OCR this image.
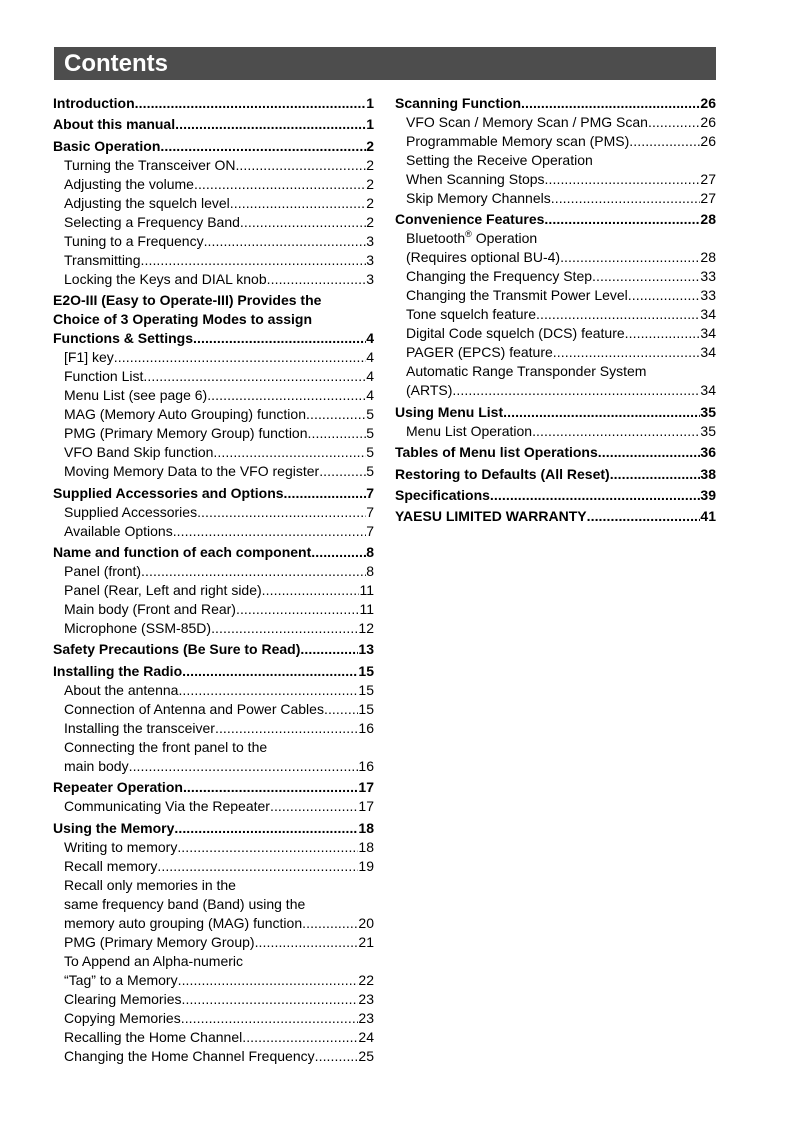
Contents
Introduction . . .	1
About this manual . . .	1
Basic Operation . . .	2
Turning the Transceiver ON . . .	2
Adjusting the volume . . .	2
Adjusting the squelch level . . .	2
Selecting a Frequency Band . . .	2
Tuning to a Frequency . . .	3
Transmitting . . .	3
Locking the Keys and DIAL knob . . .	3
E2O-III (Easy to Operate-III) Provides the
Choice of 3 Operating Modes to assign
Functions & Settings . . .	4
[F1] key . . .	4
Function List . . .	4
Menu List (see page 6) . . .	4
MAG (Memory Auto Grouping) function . . .	5
PMG (Primary Memory Group) function . . .	5
VFO Band Skip function . . .	5
Moving Memory Data to the VFO register . . .	5
Supplied Accessories and Options . . .	7
Supplied Accessories . . .	7
Available Options . . .	7
Name and function of each component . . .	8
Panel (front) . . .	8
Panel (Rear, Left and right side) . . .	11
Main body (Front and Rear) . . .	11
Microphone (SSM-85D) . . .	12
Safety Precautions (Be Sure to Read) . . .	13
Installing the Radio . . .	15
About the antenna . . .	15
Connection of Antenna and Power Cables . . . 15
Installing the transceiver . . .	16
Connecting the front panel to the
main body . . .	16
Repeater Operation . . .	17
Communicating Via the Repeater . . .	17
Using the Memory . . .	18
Writing to memory . . .	18
Recall memory . . .	19
Recall only memories in the
same frequency band (Band) using the
memory auto grouping (MAG) function . . .	20
PMG (Primary Memory Group) . . .	21
To Append an Alpha-numeric
“Tag” to a Memory . . .	22
Clearing Memories . . .	23
Copying Memories . . .	23
Recalling the Home Channel . . .	24
Changing the Home Channel Frequency . . .	25
Scanning Function . . .	26
VFO Scan / Memory Scan / PMG Scan . . .	26
Programmable Memory scan (PMS) . . .	26
Setting the Receive Operation
When Scanning Stops . . .	27
Skip Memory Channels . . .	27
Convenience Features . . .	28
Bluetooth® Operation
(Requires optional BU-4) . . .	28
Changing the Frequency Step . . .	33
Changing the Transmit Power Level . . .	33
Tone squelch feature . . .	34
Digital Code squelch (DCS) feature . . .	34
PAGER (EPCS) feature . . .	34
Automatic Range Transponder System
(ARTS) . . .	34
Using Menu List . . .	35
Menu List Operation . . .	35
Tables of Menu list Operations . . .	36
Restoring to Defaults (All Reset) . . .	38
Specifications . . .	39
YAESU LIMITED WARRANTY . . .	41
